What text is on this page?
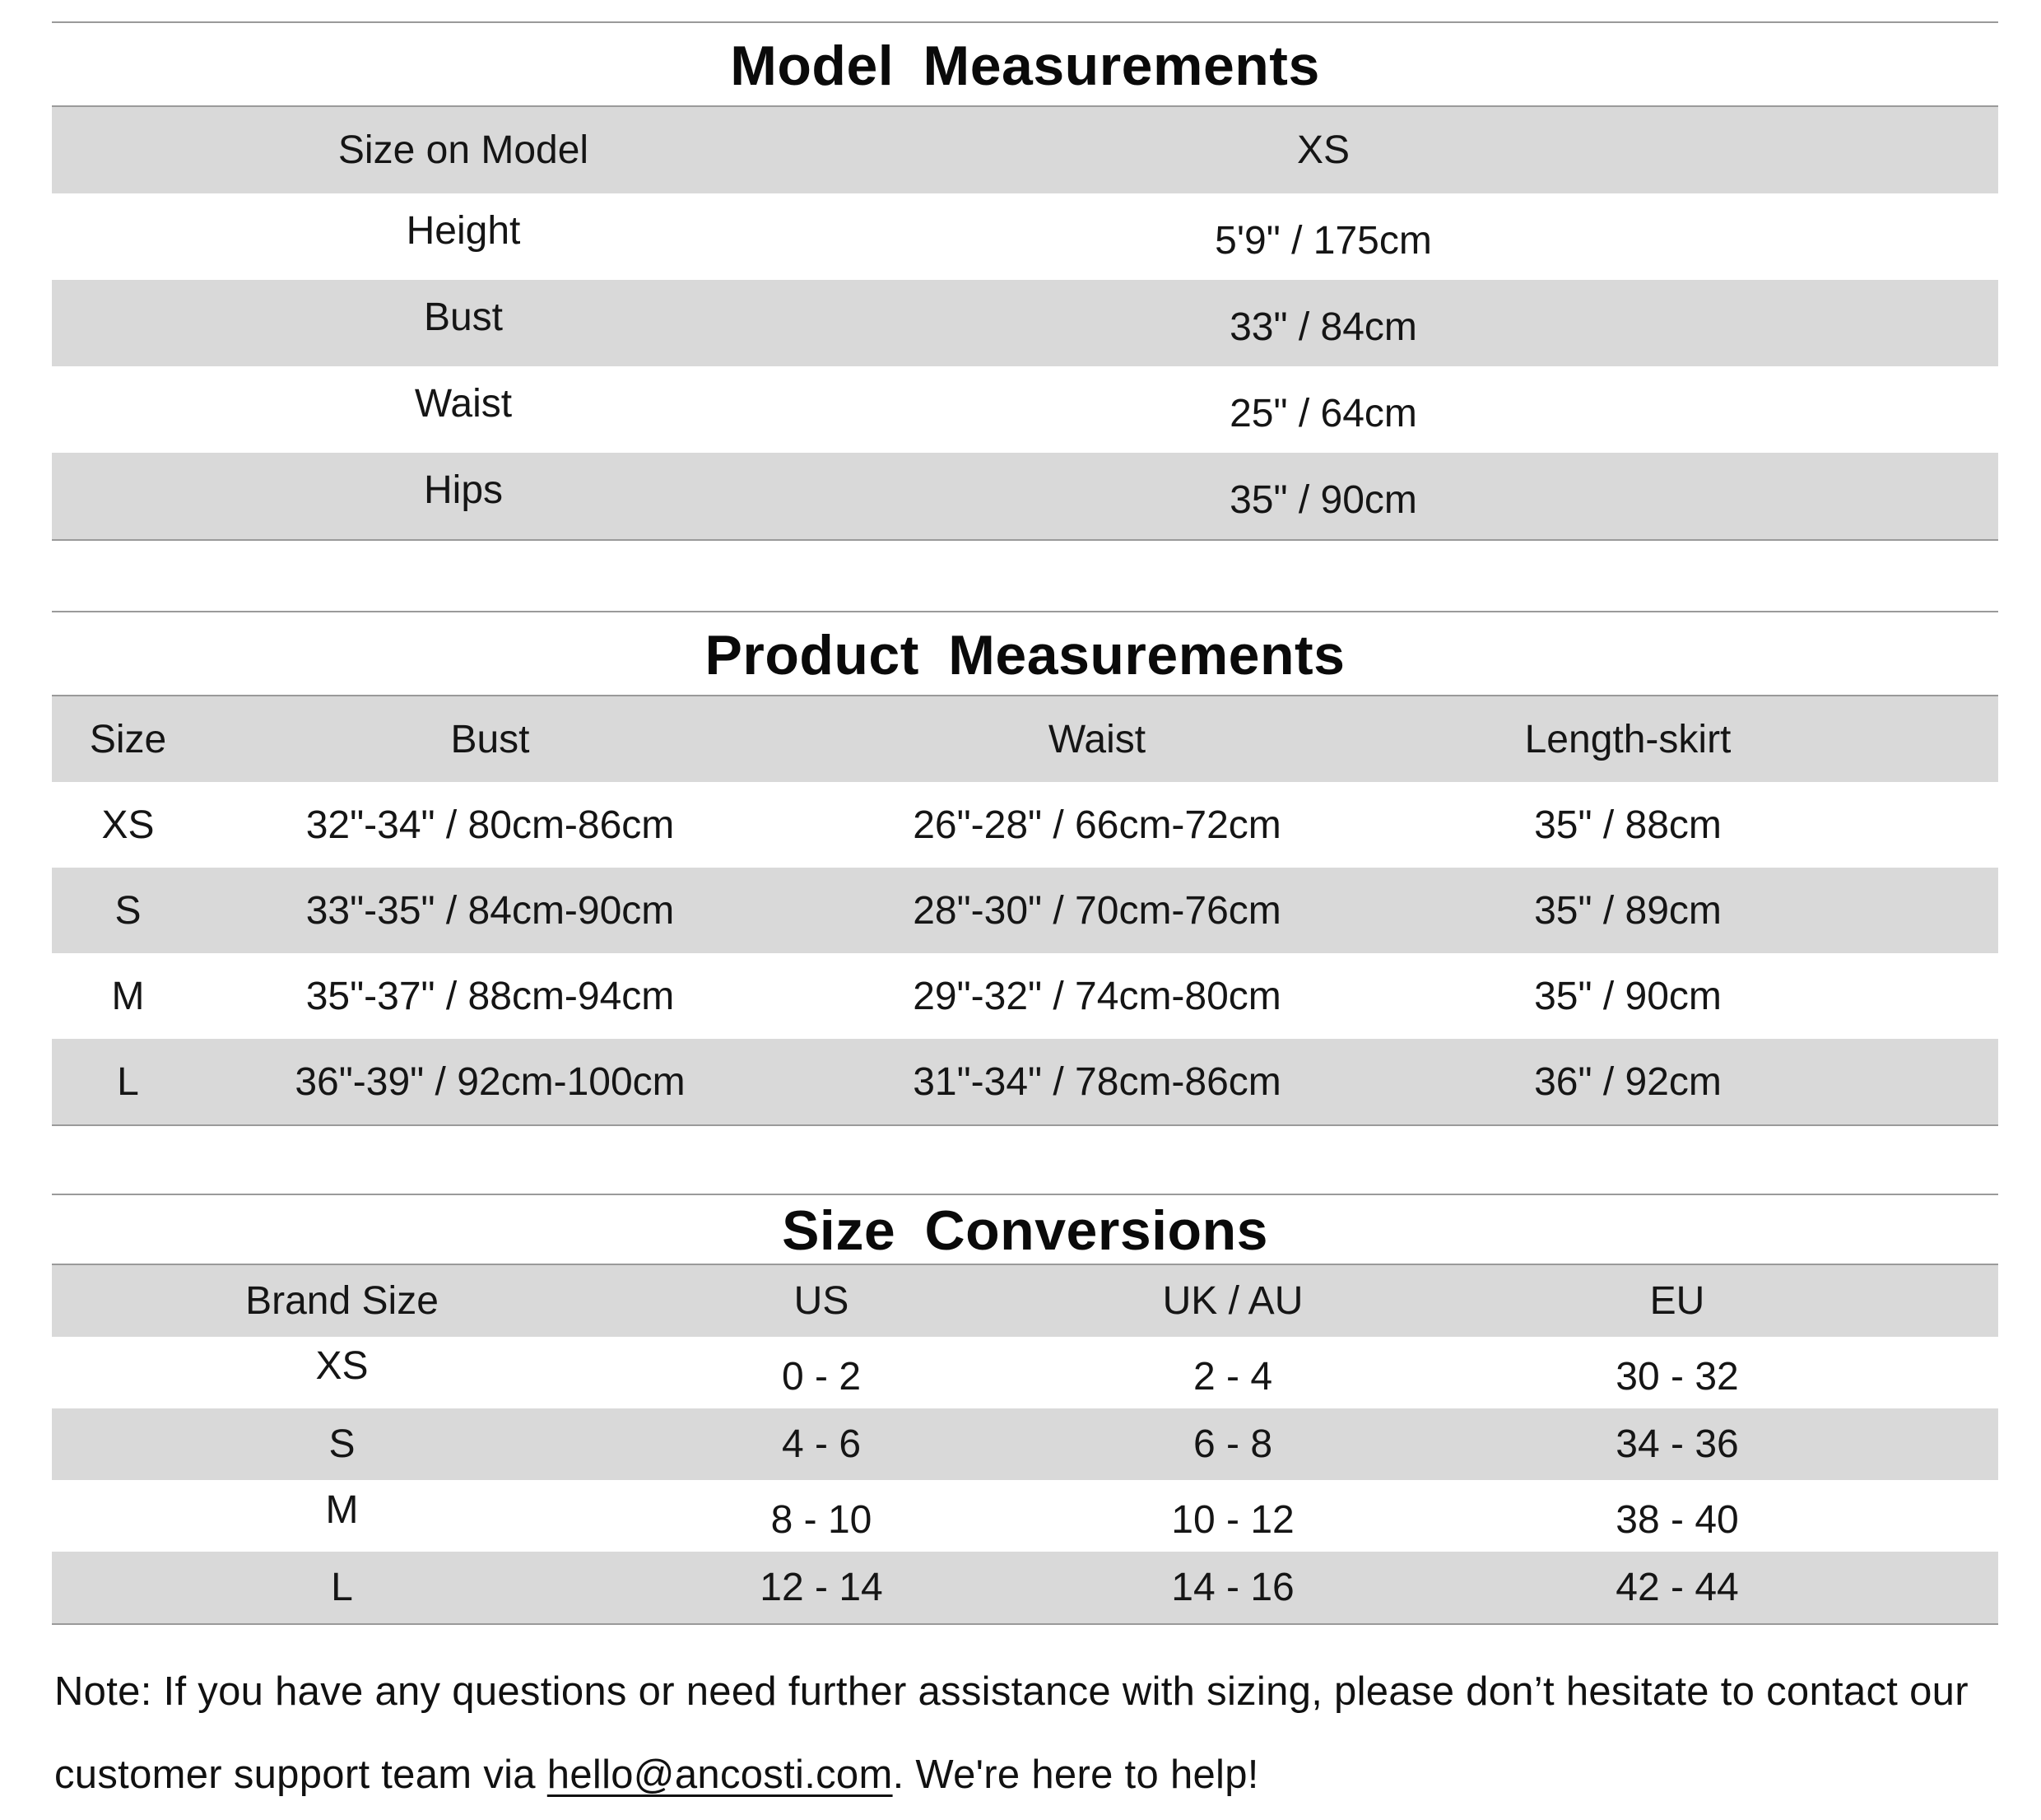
Model Measurements
Size on Model	XS
Height	5'9" / 175cm
Bust	33" / 84cm
Waist	25" / 64cm
Hips	35" / 90cm
Product Measurements
Size	Bust	Waist	Length-skirt
XS	32"-34" / 80cm-86cm	26"-28" / 66cm-72cm	35" / 88cm
S	33"-35" / 84cm-90cm	28"-30" / 70cm-76cm	35" / 89cm
M	35"-37" / 88cm-94cm	29"-32" / 74cm-80cm	35" / 90cm
L	36"-39" / 92cm-100cm	31"-34" / 78cm-86cm	36" / 92cm
Size Conversions
Brand Size	US	UK / AU	EU
XS	0 - 2	2 - 4	30 - 32
S	4 - 6	6 - 8	34 - 36
M	8 - 10	10 - 12	38 - 40
L	12 - 14	14 - 16	42 - 44
Note: If you have any questions or need further assistance with sizing, please don’t hesitate to contact our customer support team via hello@ancosti.com. We're here to help!
